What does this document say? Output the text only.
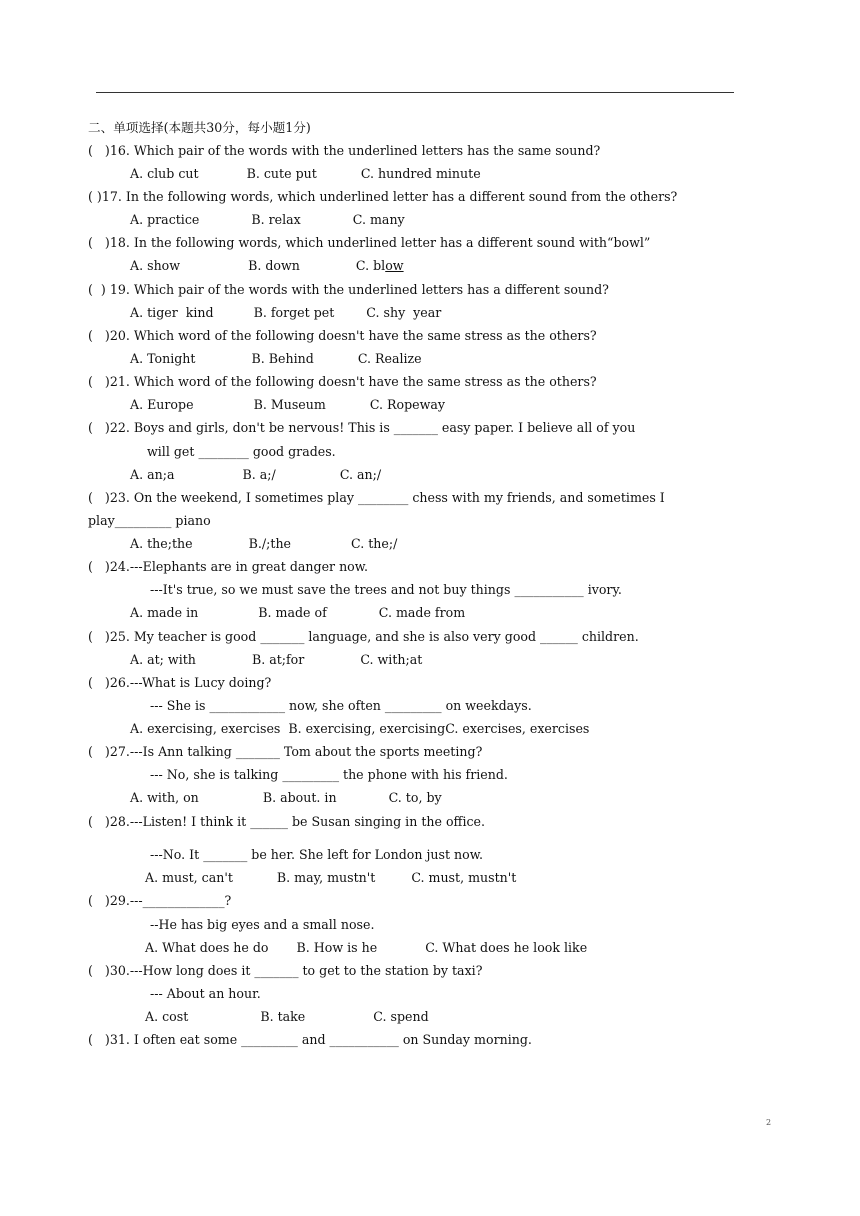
二、单项选择(本题共30分，每小题1分)
(   )16. Which pair of the words with the underlined letters has the same sound?
A. club cut            B. cute put           C. hundred minute
( )17. In the following words, which underlined letter has a different sound from the others?
A. practice             B. relax             C. many
(   )18. In the following words, which underlined letter has a different sound with“bowl”
A. show                 B. down              C. blow
(  ) 19. Which pair of the words with the underlined letters has a different sound?
A. tiger  kind          B. forget pet        C. shy  year
(   )20. Which word of the following doesn't have the same stress as the others?
A. Tonight              B. Behind           C. Realize
(   )21. Which word of the following doesn't have the same stress as the others?
A. Europe               B. Museum           C. Ropeway
(   )22. Boys and girls, don't be nervous! This is _______ easy paper. I believe all of you
will get ________ good grades.
A. an;a                 B. a;/                C. an;/
(   )23. On the weekend, I sometimes play ________ chess with my friends, and sometimes I
play_________ piano
A. the;the              B./;the               C. the;/
(   )24.---Elephants are in great danger now.
---It's true, so we must save the trees and not buy things ___________ ivory.
A. made in               B. made of             C. made from
(   )25. My teacher is good _______ language, and she is also very good ______ children.
A. at; with              B. at;for              C. with;at
(   )26.---What is Lucy doing?
--- She is ____________ now, she often _________ on weekdays.
A. exercising, exercises  B. exercising, exercisingC. exercises, exercises
(   )27.---Is Ann talking _______ Tom about the sports meeting?
--- No, she is talking _________ the phone with his friend.
A. with, on                B. about. in             C. to, by
(   )28.---Listen! I think it ______ be Susan singing in the office.
---No. It _______ be her. She left for London just now.
A. must, can't           B. may, mustn't         C. must, mustn't
(   )29.---_____________?
--He has big eyes and a small nose.
A. What does he do       B. How is he            C. What does he look like
(   )30.---How long does it _______ to get to the station by taxi?
--- About an hour.
A. cost                  B. take                 C. spend
(   )31. I often eat some _________ and ___________ on Sunday morning.
2
